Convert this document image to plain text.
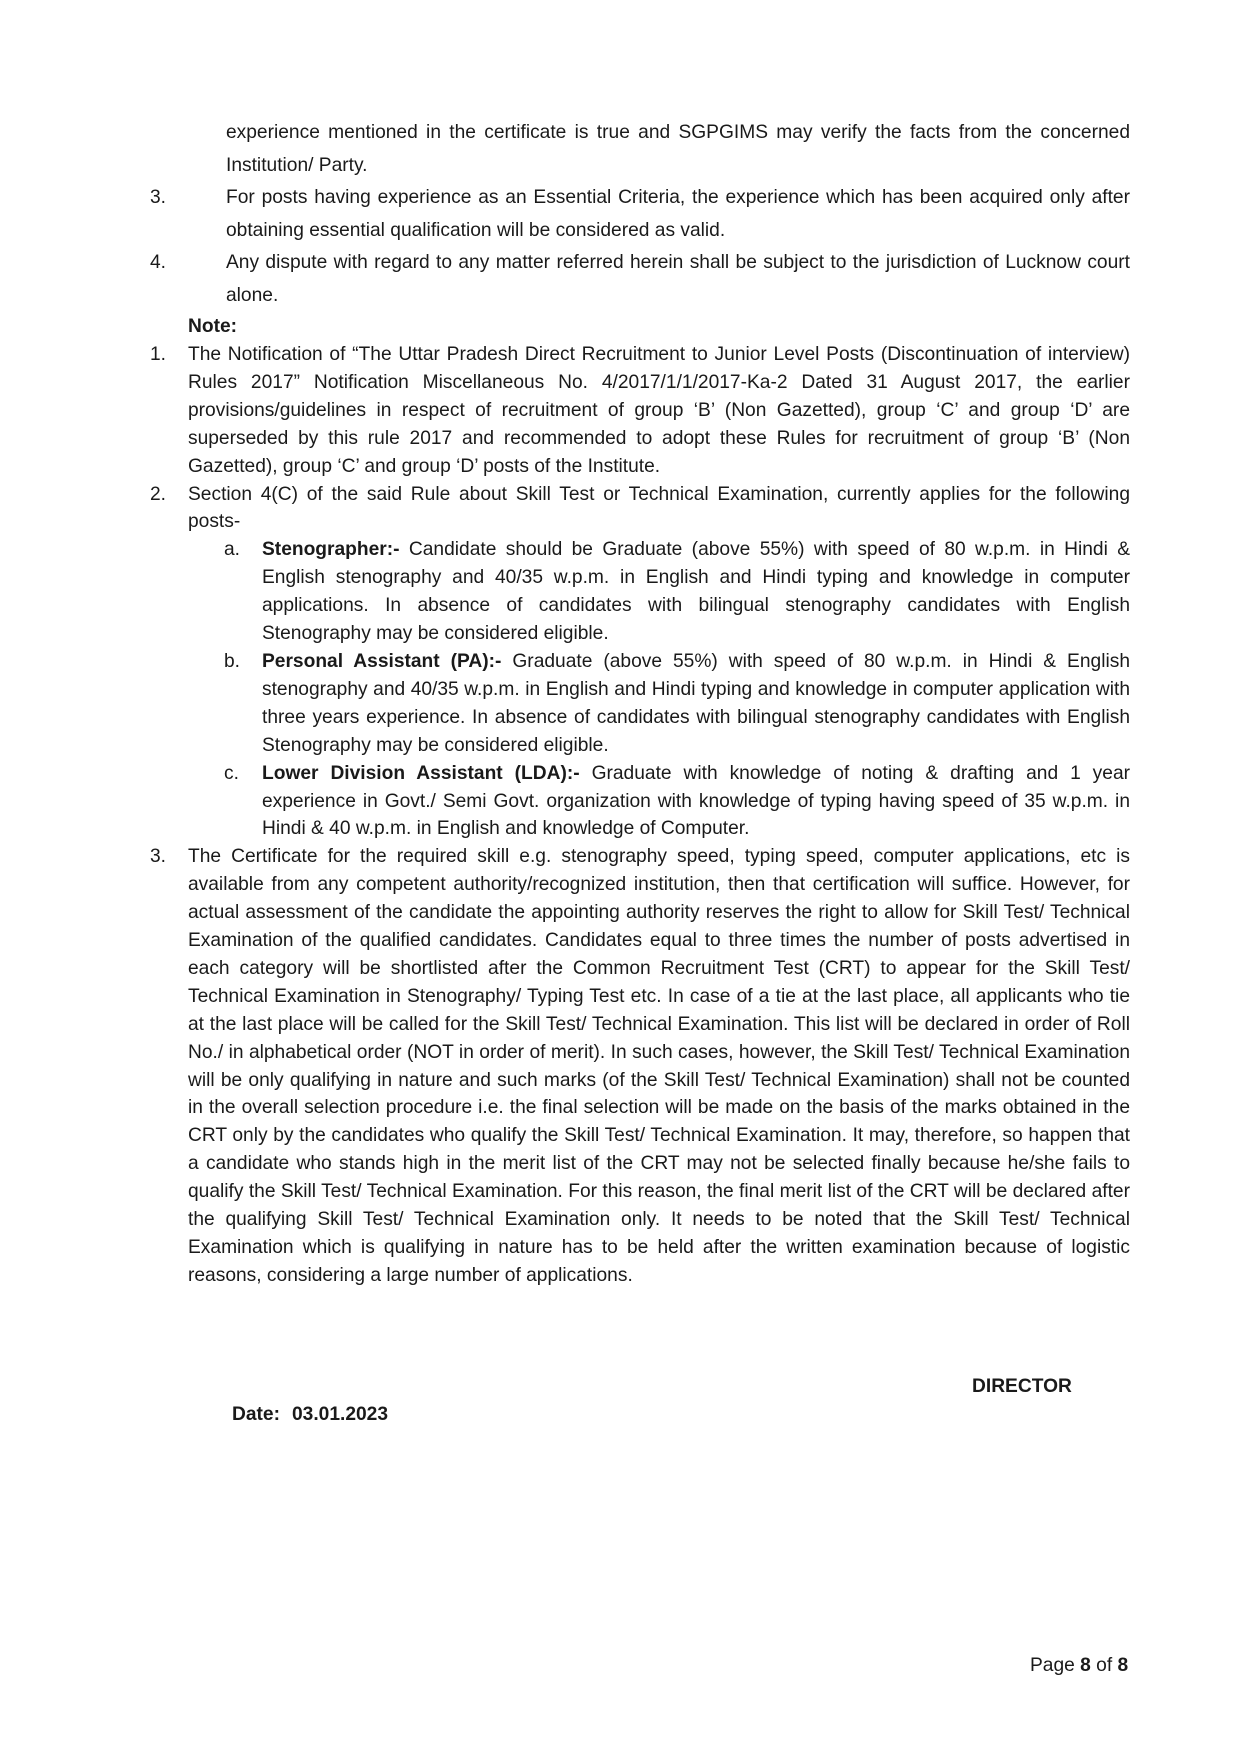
experience mentioned in the certificate is true and SGPGIMS may verify the facts from the concerned Institution/ Party.
3.	For posts having experience as an Essential Criteria, the experience which has been acquired only after obtaining essential qualification will be considered as valid.
4.	Any dispute with regard to any matter referred herein shall be subject to the jurisdiction of Lucknow court alone.
Note:
1.	The Notification of “The Uttar Pradesh Direct Recruitment to Junior Level Posts (Discontinuation of interview) Rules 2017” Notification Miscellaneous No. 4/2017/1/1/2017-Ka-2 Dated 31 August 2017, the earlier provisions/guidelines in respect of recruitment of group ‘B’ (Non Gazetted), group ‘C’ and group ‘D’ are superseded by this rule 2017 and recommended to adopt these Rules for recruitment of group ‘B’ (Non Gazetted), group ‘C’ and group ‘D’ posts of the Institute.
2.	Section 4(C) of the said Rule about Skill Test or Technical Examination, currently applies for the following posts-
a.	Stenographer:- Candidate should be Graduate (above 55%) with speed of 80 w.p.m. in Hindi & English stenography and 40/35 w.p.m. in English and Hindi typing and knowledge in computer applications. In absence of candidates with bilingual stenography candidates with English Stenography may be considered eligible.
b.	Personal Assistant (PA):- Graduate (above 55%) with speed of 80 w.p.m. in Hindi & English stenography and 40/35 w.p.m. in English and Hindi typing and knowledge in computer application with three years experience. In absence of candidates with bilingual stenography candidates with English Stenography may be considered eligible.
c.	Lower Division Assistant (LDA):- Graduate with knowledge of noting & drafting and 1 year experience in Govt./ Semi Govt. organization with knowledge of typing having speed of 35 w.p.m. in Hindi & 40 w.p.m. in English and knowledge of Computer.
3.	The Certificate for the required skill e.g. stenography speed, typing speed, computer applications, etc is available from any competent authority/recognized institution, then that certification will suffice. However, for actual assessment of the candidate the appointing authority reserves the right to allow for Skill Test/ Technical Examination of the qualified candidates. Candidates equal to three times the number of posts advertised in each category will be shortlisted after the Common Recruitment Test (CRT) to appear for the Skill Test/ Technical Examination in Stenography/ Typing Test etc. In case of a tie at the last place, all applicants who tie at the last place will be called for the Skill Test/ Technical Examination. This list will be declared in order of Roll No./ in alphabetical order (NOT in order of merit). In such cases, however, the Skill Test/ Technical Examination will be only qualifying in nature and such marks (of the Skill Test/ Technical Examination) shall not be counted in the overall selection procedure i.e. the final selection will be made on the basis of the marks obtained in the CRT only by the candidates who qualify the Skill Test/ Technical Examination. It may, therefore, so happen that a candidate who stands high in the merit list of the CRT may not be selected finally because he/she fails to qualify the Skill Test/ Technical Examination. For this reason, the final merit list of the CRT will be declared after the qualifying Skill Test/ Technical Examination only. It needs to be noted that the Skill Test/ Technical Examination which is qualifying in nature has to be held after the written examination because of logistic reasons, considering a large number of applications.
DIRECTOR
Date: 03.01.2023
Page 8 of 8
